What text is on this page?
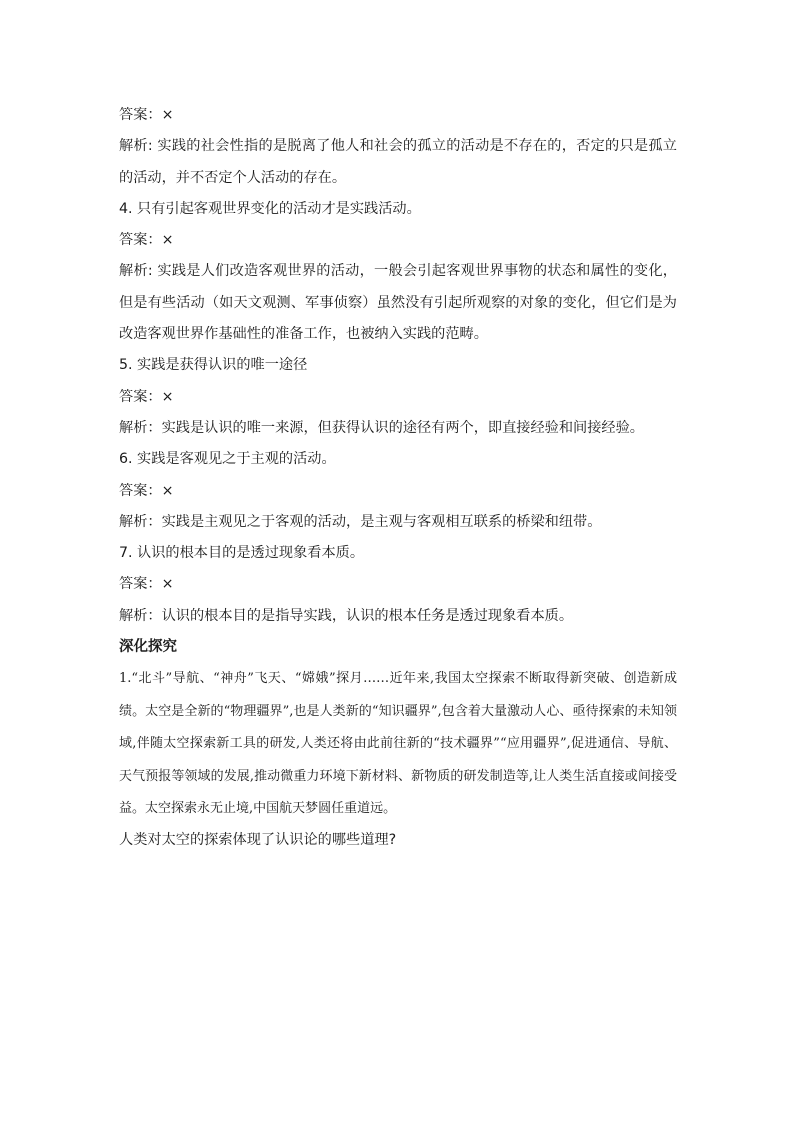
答案：×

解析: 实践的社会性指的是脱离了他人和社会的孤立的活动是不存在的，否定的只是孤立的活动，并不否定个人活动的存在。

4. 只有引起客观世界变化的活动才是实践活动。

答案：×

解析: 实践是人们改造客观世界的活动，一般会引起客观世界事物的状态和属性的变化，但是有些活动（如天文观测、军事侦察）虽然没有引起所观察的对象的变化，但它们是为改造客观世界作基础性的准备工作，也被纳入实践的范畴。

5. 实践是获得认识的唯一途径

答案：×

解析：实践是认识的唯一来源，但获得认识的途径有两个，即直接经验和间接经验。

6. 实践是客观见之于主观的活动。

答案：×

解析：实践是主观见之于客观的活动，是主观与客观相互联系的桥梁和纽带。

7. 认识的根本目的是透过现象看本质。

答案：×

解析：认识的根本目的是指导实践，认识的根本任务是透过现象看本质。

深化探究

1.“北斗”导航、“神舟”飞天、“嫦娥”探月……近年来,我国太空探索不断取得新突破、创造新成绩。太空是全新的“物理疆界”,也是人类新的“知识疆界”,包含着大量激动人心、亟待探索的未知领域,伴随太空探索新工具的研发,人类还将由此前往新的“技术疆界”“应用疆界”,促进通信、导航、天气预报等领域的发展,推动微重力环境下新材料、新物质的研发制造等,让人类生活直接或间接受益。太空探索永无止境,中国航天梦圆任重道远。

人类对太空的探索体现了认识论的哪些道理?
